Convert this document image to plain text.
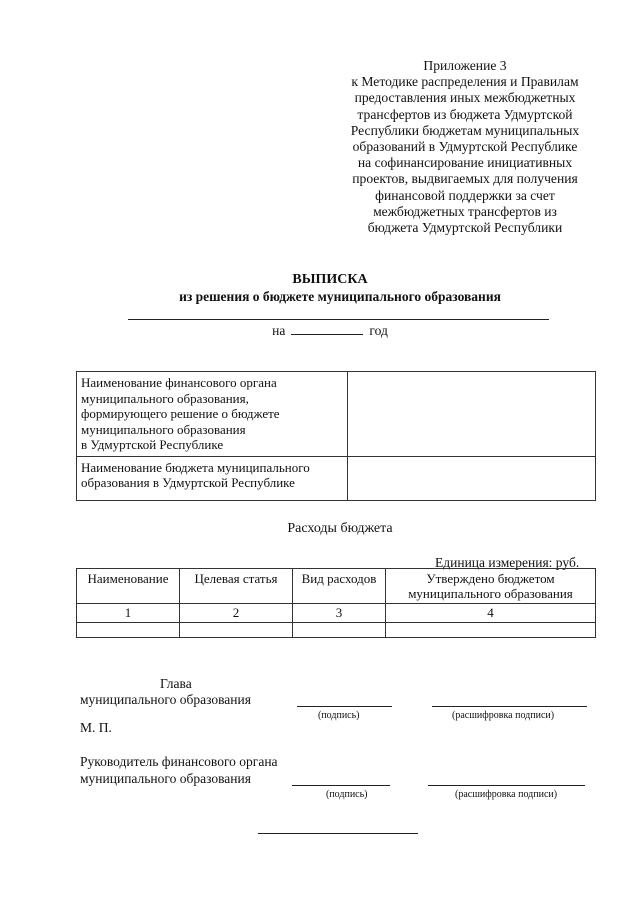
Приложение 3
к Методике распределения и Правилам
предоставления иных межбюджетных
трансфертов из бюджета Удмуртской
Республики бюджетам муниципальных
образований в Удмуртской Республике
на софинансирование инициативных
проектов, выдвигаемых для получения
финансовой поддержки за счет
межбюджетных трансфертов из
бюджета Удмуртской Республики
ВЫПИСКА
из решения о бюджете муниципального образования
на	год
Наименование финансового органа
муниципального образования,
формирующего решение о бюджете
муниципального образования
в Удмуртской Республике	

Наименование бюджета муниципального
образования в Удмуртской Республике	

Расходы бюджета
Единица измерения: руб.
Наименование	Целевая статья	Вид расходов	Утверждено бюджетом
муниципального образования

1	2	3	4

Глава
муниципального образования
(подпись)	(расшифровка подписи)
М. П.
Руководитель финансового органа
муниципального образования
(подпись)	(расшифровка подписи)
